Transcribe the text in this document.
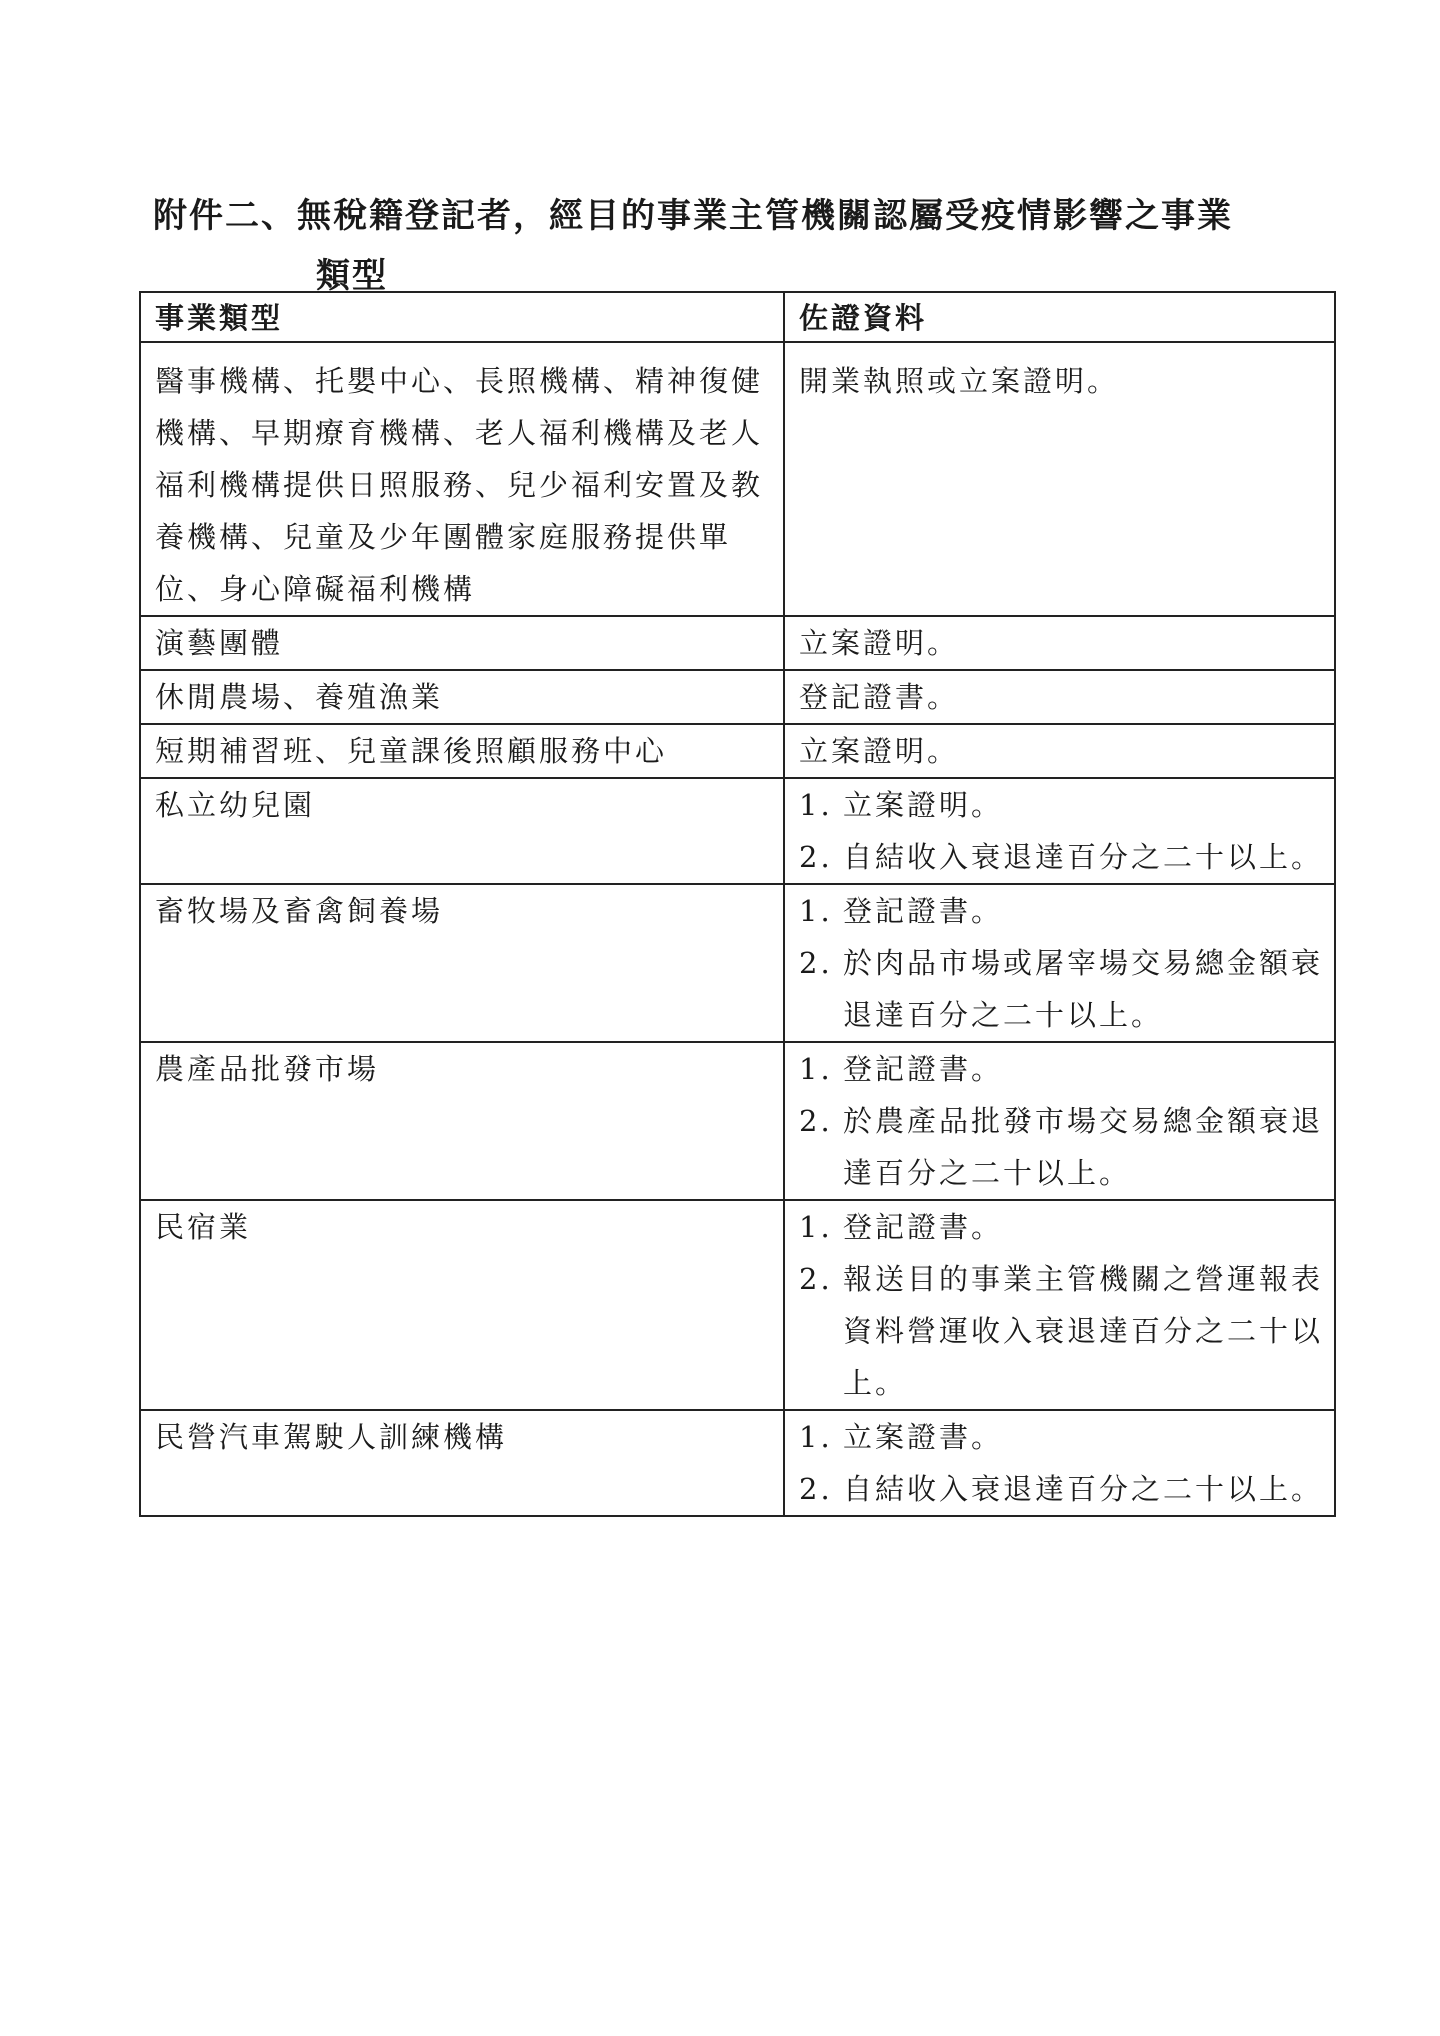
附件二、無稅籍登記者，經目的事業主管機關認屬受疫情影響之事業
類型
事業類型	佐證資料
醫事機構、托嬰中心、長照機構、精神復健機構、早期療育機構、老人福利機構及老人福利機構提供日照服務、兒少福利安置及教養機構、兒童及少年團體家庭服務提供單位、身心障礙福利機構	開業執照或立案證明。
演藝團體	立案證明。
休閒農場、養殖漁業	登記證書。
短期補習班、兒童課後照顧服務中心	立案證明。
私立幼兒園	1. 立案證明。
2. 自結收入衰退達百分之二十以上。

畜牧場及畜禽飼養場	1. 登記證書。
2. 於肉品市場或屠宰場交易總金額衰退達百分之二十以上。

農產品批發市場	1. 登記證書。
2. 於農產品批發市場交易總金額衰退達百分之二十以上。

民宿業	1. 登記證書。
2. 報送目的事業主管機關之營運報表資料營運收入衰退達百分之二十以上。

民營汽車駕駛人訓練機構	1. 立案證書。
2. 自結收入衰退達百分之二十以上。
